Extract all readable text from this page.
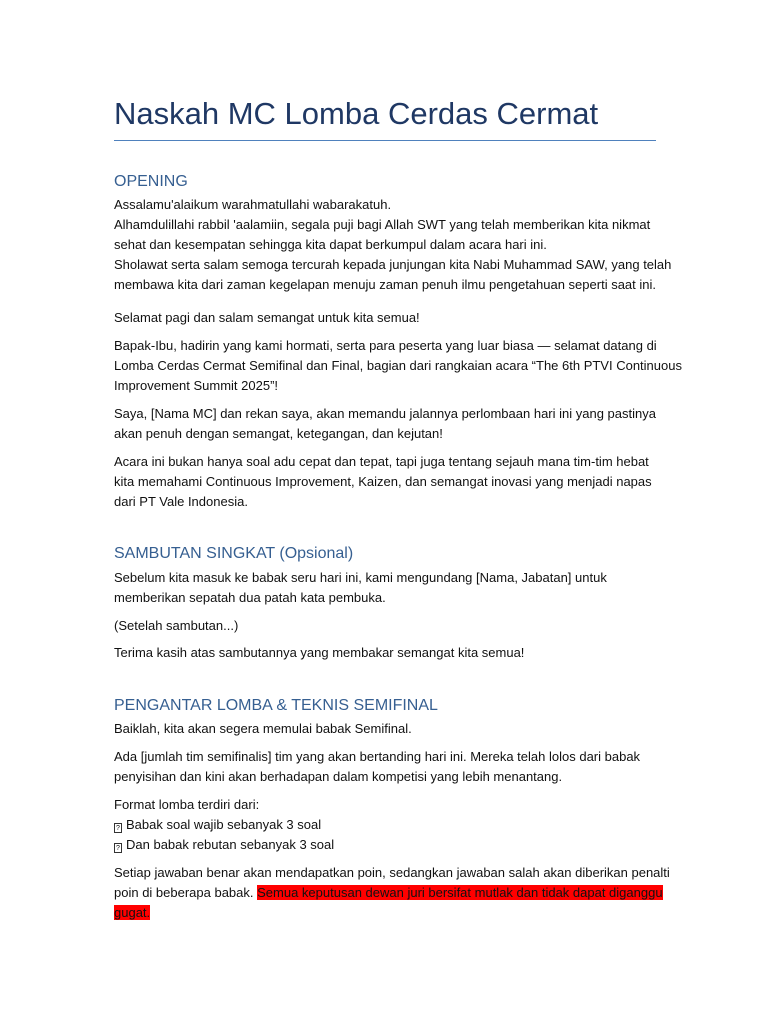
Naskah MC Lomba Cerdas Cermat
OPENING
Assalamu'alaikum warahmatullahi wabarakatuh.
Alhamdulillahi rabbil 'aalamiin, segala puji bagi Allah SWT yang telah memberikan kita nikmat
sehat dan kesempatan sehingga kita dapat berkumpul dalam acara hari ini.
Sholawat serta salam semoga tercurah kepada junjungan kita Nabi Muhammad SAW, yang telah
membawa kita dari zaman kegelapan menuju zaman penuh ilmu pengetahuan seperti saat ini.
Selamat pagi dan salam semangat untuk kita semua!
Bapak-Ibu, hadirin yang kami hormati, serta para peserta yang luar biasa — selamat datang di
Lomba Cerdas Cermat Semifinal dan Final, bagian dari rangkaian acara “The 6th PTVI Continuous
Improvement Summit 2025”!
Saya, [Nama MC] dan rekan saya, akan memandu jalannya perlombaan hari ini yang pastinya
akan penuh dengan semangat, ketegangan, dan kejutan!
Acara ini bukan hanya soal adu cepat dan tepat, tapi juga tentang sejauh mana tim-tim hebat
kita memahami Continuous Improvement, Kaizen, dan semangat inovasi yang menjadi napas
dari PT Vale Indonesia.
SAMBUTAN SINGKAT (Opsional)
Sebelum kita masuk ke babak seru hari ini, kami mengundang [Nama, Jabatan] untuk
memberikan sepatah dua patah kata pembuka.
(Setelah sambutan...)
Terima kasih atas sambutannya yang membakar semangat kita semua!
PENGANTAR LOMBA & TEKNIS SEMIFINAL
Baiklah, kita akan segera memulai babak Semifinal.
Ada [jumlah tim semifinalis] tim yang akan bertanding hari ini. Mereka telah lolos dari babak
penyisihan dan kini akan berhadapan dalam kompetisi yang lebih menantang.
Format lomba terdiri dari:
? Babak soal wajib sebanyak 3 soal
? Dan babak rebutan sebanyak 3 soal
Setiap jawaban benar akan mendapatkan poin, sedangkan jawaban salah akan diberikan penalti
poin di beberapa babak. Semua keputusan dewan juri bersifat mutlak dan tidak dapat diganggu
gugat.
